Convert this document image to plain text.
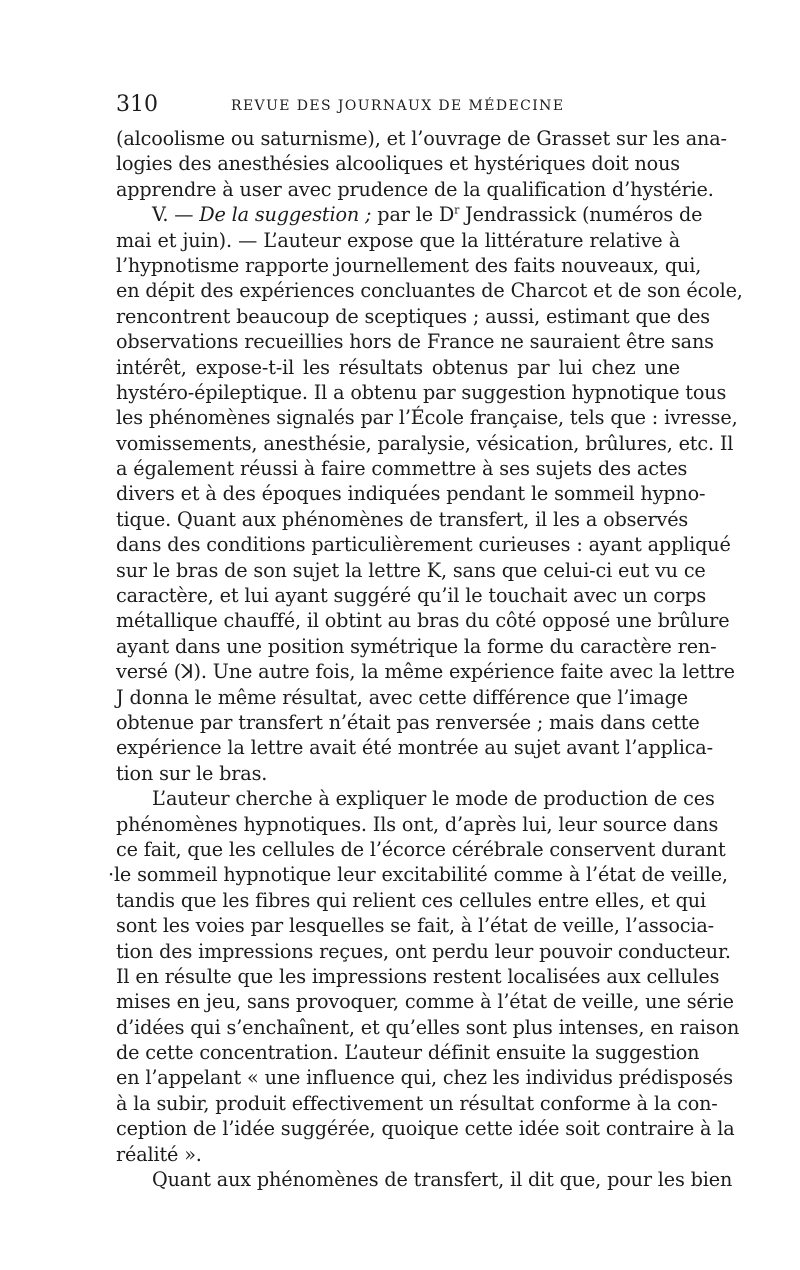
310	REVUE DES JOURNAUX DE MÉDECINE
(alcoolisme ou saturnisme), et l’ouvrage de Grasset sur les ana-
logies des anesthésies alcooliques et hystériques doit nous
apprendre à user avec prudence de la qualification d’hystérie.
V. — De la suggestion ; par le $D^r$ Jendrassick (numéros de
mai et juin). — L’auteur expose que la littérature relative à
l’hypnotisme rapporte journellement des faits nouveaux, qui,
en dépit des expériences concluantes de Charcot et de son école,
rencontrent beaucoup de sceptiques ; aussi, estimant que des
observations recueillies hors de France ne sauraient être sans
intérêt, expose-t-il les résultats obtenus par lui chez une
hystéro-épileptique. Il a obtenu par suggestion hypnotique tous
les phénomènes signalés par l’École française, tels que : ivresse,
vomissements, anesthésie, paralysie, vésication, brûlures, etc. Il
a également réussi à faire commettre à ses sujets des actes
divers et à des époques indiquées pendant le sommeil hypno-
tique. Quant aux phénomènes de transfert, il les a observés
dans des conditions particulièrement curieuses : ayant appliqué
sur le bras de son sujet la lettre K, sans que celui-ci eut vu ce
caractère, et lui ayant suggéré qu’il le touchait avec un corps
métallique chauffé, il obtint au bras du côté opposé une brûlure
ayant dans une position symétrique la forme du caractère ren-
versé (ꓘ). Une autre fois, la même expérience faite avec la lettre
J donna le même résultat, avec cette différence que l’image
obtenue par transfert n’était pas renversée ; mais dans cette
expérience la lettre avait été montrée au sujet avant l’applica-
tion sur le bras.
L’auteur cherche à expliquer le mode de production de ces
phénomènes hypnotiques. Ils ont, d’après lui, leur source dans
ce fait, que les cellules de l’écorce cérébrale conservent durant
·le sommeil hypnotique leur excitabilité comme à l’état de veille,
tandis que les fibres qui relient ces cellules entre elles, et qui
sont les voies par lesquelles se fait, à l’état de veille, l’associa-
tion des impressions reçues, ont perdu leur pouvoir conducteur.
Il en résulte que les impressions restent localisées aux cellules
mises en jeu, sans provoquer, comme à l’état de veille, une série
d’idées qui s’enchaînent, et qu’elles sont plus intenses, en raison
de cette concentration. L’auteur définit ensuite la suggestion
en l’appelant « une influence qui, chez les individus prédisposés
à la subir, produit effectivement un résultat conforme à la con-
ception de l’idée suggérée, quoique cette idée soit contraire à la
réalité ».
Quant aux phénomènes de transfert, il dit que, pour les bien
